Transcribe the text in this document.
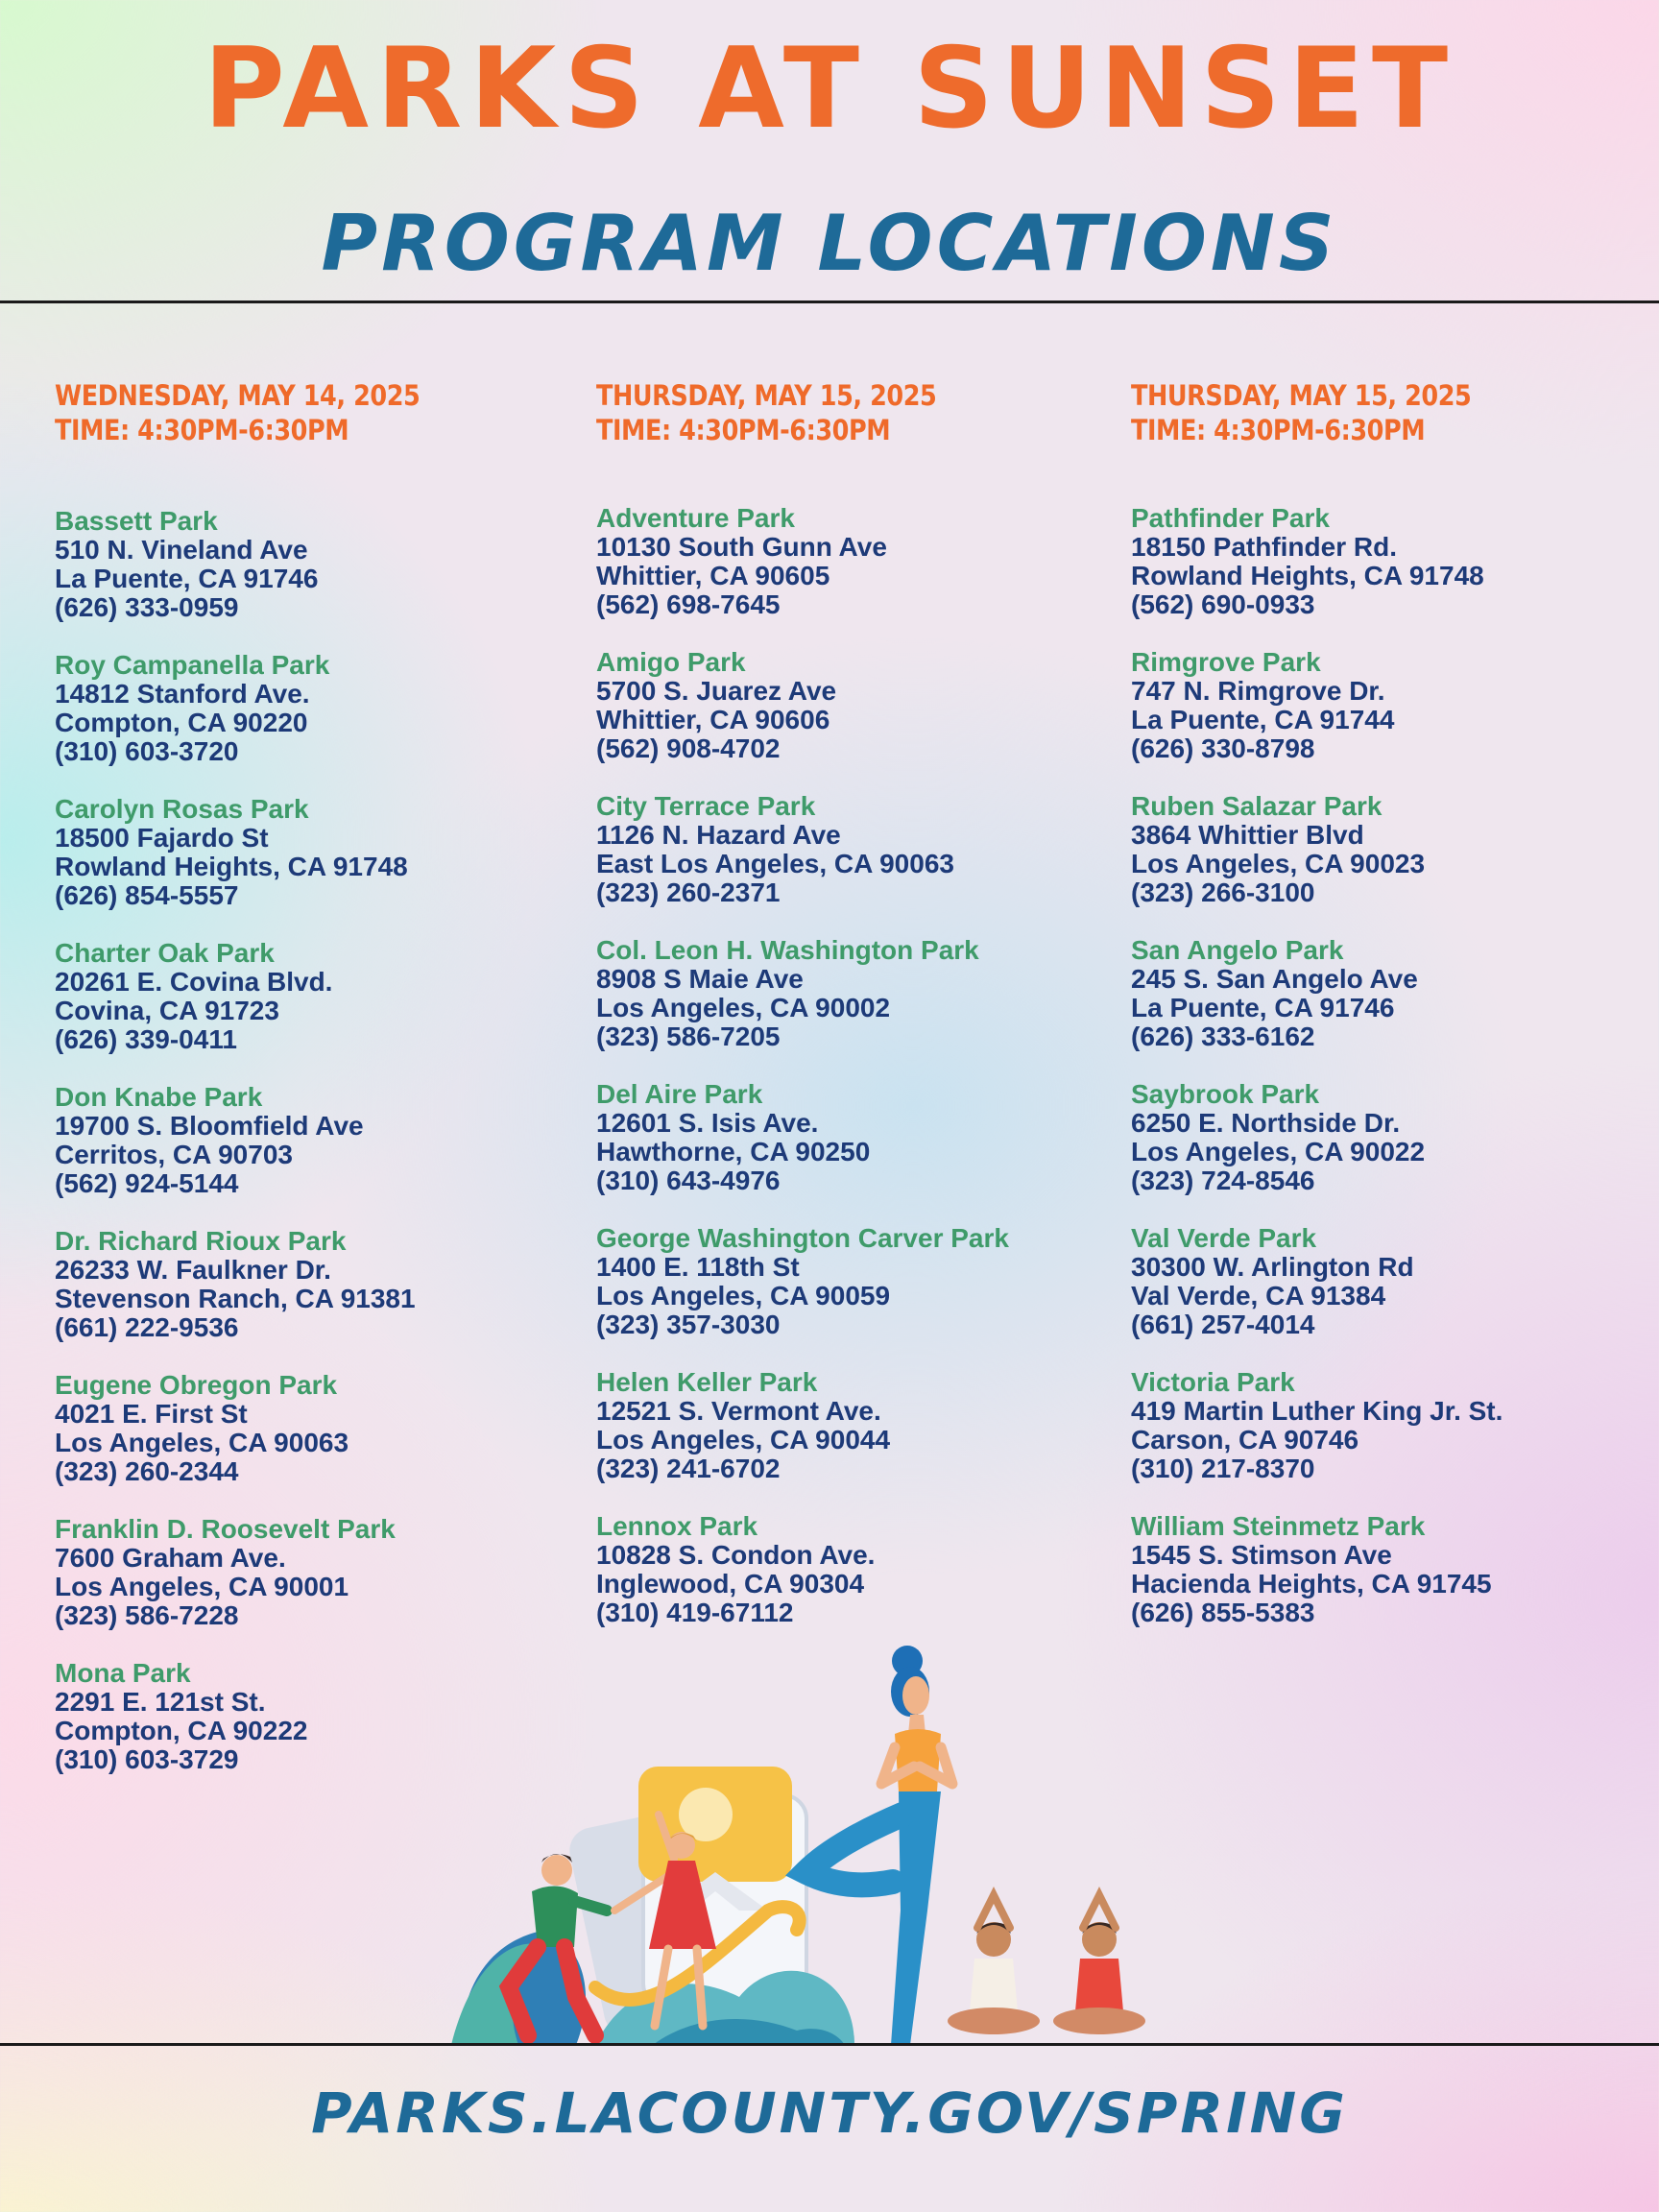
PARKS AT SUNSET
PROGRAM LOCATIONS
WEDNESDAY, MAY 14, 2025
TIME: 4:30PM-6:30PM
Bassett Park
510 N. Vineland Ave
La Puente, CA 91746
(626) 333-0959
Roy Campanella Park
14812 Stanford Ave.
Compton, CA 90220
(310) 603-3720
Carolyn Rosas Park
18500 Fajardo St
Rowland Heights, CA 91748
(626) 854-5557
Charter Oak Park
20261 E. Covina Blvd.
Covina, CA 91723
(626) 339-0411
Don Knabe Park
19700 S. Bloomfield Ave
Cerritos, CA 90703
(562) 924-5144
Dr. Richard Rioux Park
26233 W. Faulkner Dr.
Stevenson Ranch, CA 91381
(661) 222-9536
Eugene Obregon Park
4021 E. First St
Los Angeles, CA 90063
(323) 260-2344
Franklin D. Roosevelt Park
7600 Graham Ave.
Los Angeles, CA 90001
(323) 586-7228
Mona Park
2291 E. 121st St.
Compton, CA 90222
(310) 603-3729
THURSDAY, MAY 15, 2025
TIME: 4:30PM-6:30PM
Adventure Park
10130 South Gunn Ave
Whittier, CA 90605
(562) 698-7645
Amigo Park
5700 S. Juarez Ave
Whittier, CA 90606
(562) 908-4702
City Terrace Park
1126 N. Hazard Ave
East Los Angeles, CA 90063
(323) 260-2371
Col. Leon H. Washington Park
8908 S Maie Ave
Los Angeles, CA 90002
(323) 586-7205
Del Aire Park
12601 S. Isis Ave.
Hawthorne, CA 90250
(310) 643-4976
George Washington Carver Park
1400 E. 118th St
Los Angeles, CA 90059
(323) 357-3030
Helen Keller Park
12521 S. Vermont Ave.
Los Angeles, CA 90044
(323) 241-6702
Lennox Park
10828 S. Condon Ave.
Inglewood, CA 90304
(310) 419-67112
THURSDAY, MAY 15, 2025
TIME: 4:30PM-6:30PM
Pathfinder Park
18150 Pathfinder Rd.
Rowland Heights, CA 91748
(562) 690-0933
Rimgrove Park
747 N. Rimgrove Dr.
La Puente, CA 91744
(626) 330-8798
Ruben Salazar Park
3864 Whittier Blvd
Los Angeles, CA 90023
(323) 266-3100
San Angelo Park
245 S. San Angelo Ave
La Puente, CA 91746
(626) 333-6162
Saybrook Park
6250 E. Northside Dr.
Los Angeles, CA 90022
(323) 724-8546
Val Verde Park
30300 W. Arlington Rd
Val Verde, CA 91384
(661) 257-4014
Victoria Park
419 Martin Luther King Jr. St.
Carson, CA 90746
(310) 217-8370
William Steinmetz Park
1545 S. Stimson Ave
Hacienda Heights, CA 91745
(626) 855-5383
PARKS.LACOUNTY.GOV/SPRING
